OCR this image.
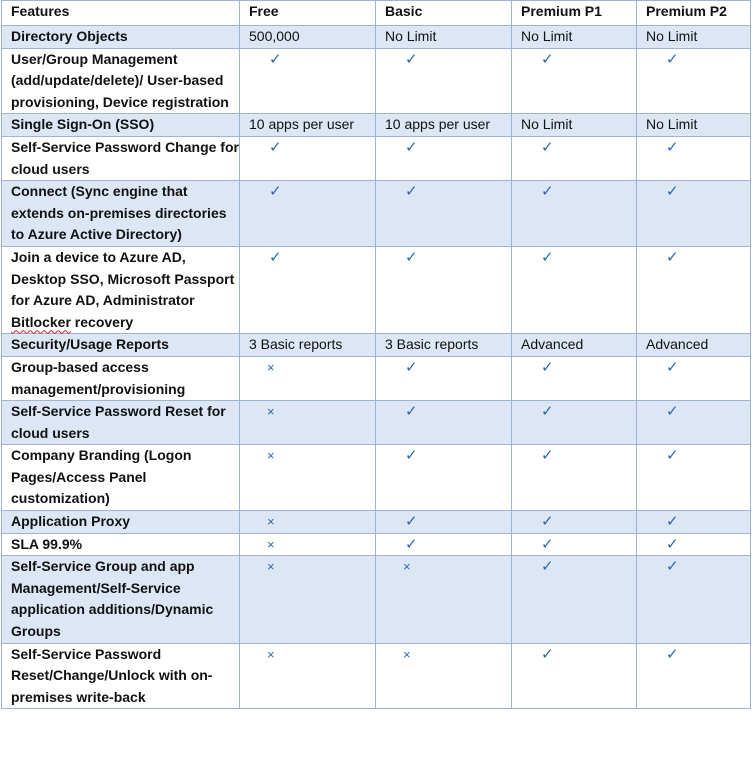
Features	Free	Basic	Premium P1	Premium P2
Directory Objects	500,000	No Limit	No Limit	No Limit
User/Group Management (add/update/delete)/ User-based provisioning, Device registration	✓	✓	✓	✓
Single Sign-On (SSO)	10 apps per user	10 apps per user	No Limit	No Limit
Self-Service Password Change for cloud users	✓	✓	✓	✓
Connect (Sync engine that extends on-premises directories to Azure Active Directory)	✓	✓	✓	✓
Join a device to Azure AD, Desktop SSO, Microsoft Passport for Azure AD, Administrator Bitlocker recovery	✓	✓	✓	✓
Security/Usage Reports	3 Basic reports	3 Basic reports	Advanced	Advanced
Group-based access management/provisioning	×	✓	✓	✓
Self-Service Password Reset for cloud users	×	✓	✓	✓
Company Branding (Logon Pages/Access Panel customization)	×	✓	✓	✓
Application Proxy	×	✓	✓	✓
SLA 99.9%	×	✓	✓	✓
Self-Service Group and app Management/Self-Service application additions/Dynamic Groups	×	×	✓	✓
Self-Service Password Reset/Change/Unlock with on-premises write-back	×	×	✓	✓
